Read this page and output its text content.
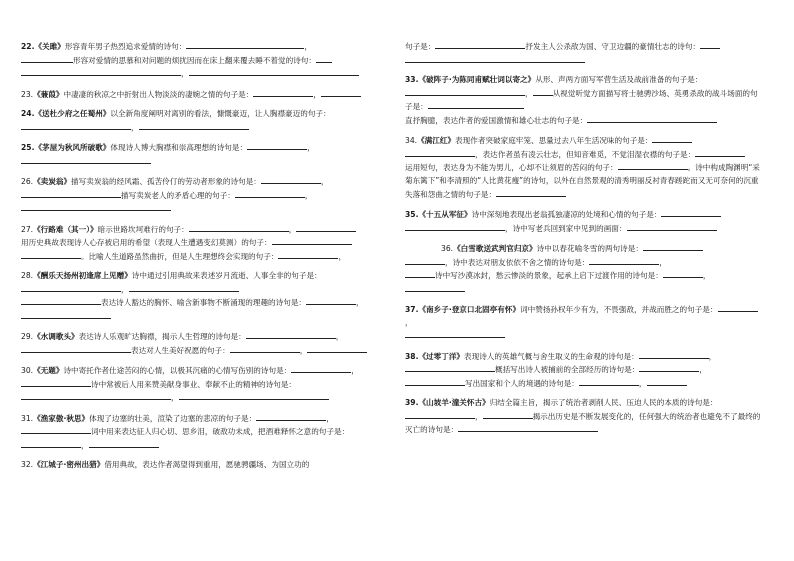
22.《关雎》形容青年男子热烈追求爱情的诗句：	，
形容对爱情的思慕和对问题的烦扰因而在床上翻来覆去睡不着觉的诗句：
，
23.《蒹葭》中凄凄的秋凉之中折射出人物淡淡的凄婉之情的句子是：	，
24.《送杜少府之任蜀州》以全新角度阐明对离别的看法，慷慨豪迈，让人胸襟豪迈的句子：，
25.《茅屋为秋风所破歌》体现诗人博大胸襟和崇高理想的诗句是：	，

26.《卖炭翁》描写卖炭翁的经风霜、孤苦伶仃的劳动者形象的诗句是：	，
描写卖炭老人的矛盾心理的句子：	，

27.《行路难（其一）》暗示世路坎坷难行的句子：	，
用历史典故表现诗人心存被启用的希望（表现人生遭遇变幻莫测）的句子：
。比喻人生道路虽然曲折，但是人生理想终会实现的句子：	，
28.《酬乐天扬州初逢席上见赠》诗中通过引用典故来表述岁月流逝、人事全非的句子是：
，
表达诗人豁达的胸怀、喻含新事物不断涌现的理趣的诗句是：	，
29.《水调歌头》表达诗人乐观旷达胸襟，揭示人生哲理的诗句是：	，
表达对人生美好祝愿的句子：	，
30.《无题》诗中寄托作者仕途苦闷的心情，以极其沉痛的心情写伤别的诗句是：	，
诗中常被后人用来赞美献身事业、奉献不止的精神的诗句是：
，
31.《渔家傲·秋思》体现了边塞的壮美，渲染了边塞的悲凉的句子是：	，
词中用来表达征人归心切、思乡泪，破敌功未成，把酒难释怀之意的句子是：，
32.《江城子·密州出猎》借用典故，表达作者渴望得到重用，愿驰骋疆场、为国立功的
句子是：	抒发主人公杀敌为国、守卫边疆的豪情壮志的诗句：

33.《破阵子·为陈同甫赋壮词以寄之》从形、声两方面写军营生活及战前准备的句子是：
，	从视觉听觉方面描写将士驰骋沙场、英勇杀敌的战斗场面的句子是：
直抒胸臆，表达作者的爱国激情和雄心壮志的句子是：
34.《满江红》表现作者突破家庭牢笼、思量过去八年生活况味的句子是：
，表达作者虽有凌云壮志，但知音难觅，不觉泪湿衣襟的句子是：
运用短句，表达身为不能为男儿，心却不让须眉的苦闷的句子：	。诗中构成陶渊明“采菊东篱下”和李清照的“人比黄花瘦”的诗句，以外在自然景观的清秀明丽反衬青春蹉跎而又无可奈何的沉重失落和怨曲之情的句子是：
35.《十五从军征》诗中深刻地表现出老翁孤独凄凉的处境和心情的句子是：
，诗中写老兵回到家中见到的画面：
36.《白雪歌送武判官归京》诗中以春花喻冬雪的两句诗是：
，诗中表达对朋友依依不舍之情的诗句是：	，
诗中写沙漠冰封，愁云惨淡的景象，起承上启下过渡作用的诗句是：	，
37.《南乡子·登京口北固亭有怀》词中赞扬孙权年少有为，不畏强敌，并战而胜之的句子是：，

38.《过零丁洋》表现诗人的英雄气概与舍生取义的生命观的诗句是：	，
概括写出诗人被捕前的全部经历的诗句是：	，
写出国家和个人的境遇的诗句是：	，
39.《山坡羊·潼关怀古》归结全篇主旨，揭示了统治者剥削人民、压迫人民的本质的诗句是：，	揭示出历史是不断发展变化的，任何强大的统治者也避免不了最终的灭亡的诗句是：
